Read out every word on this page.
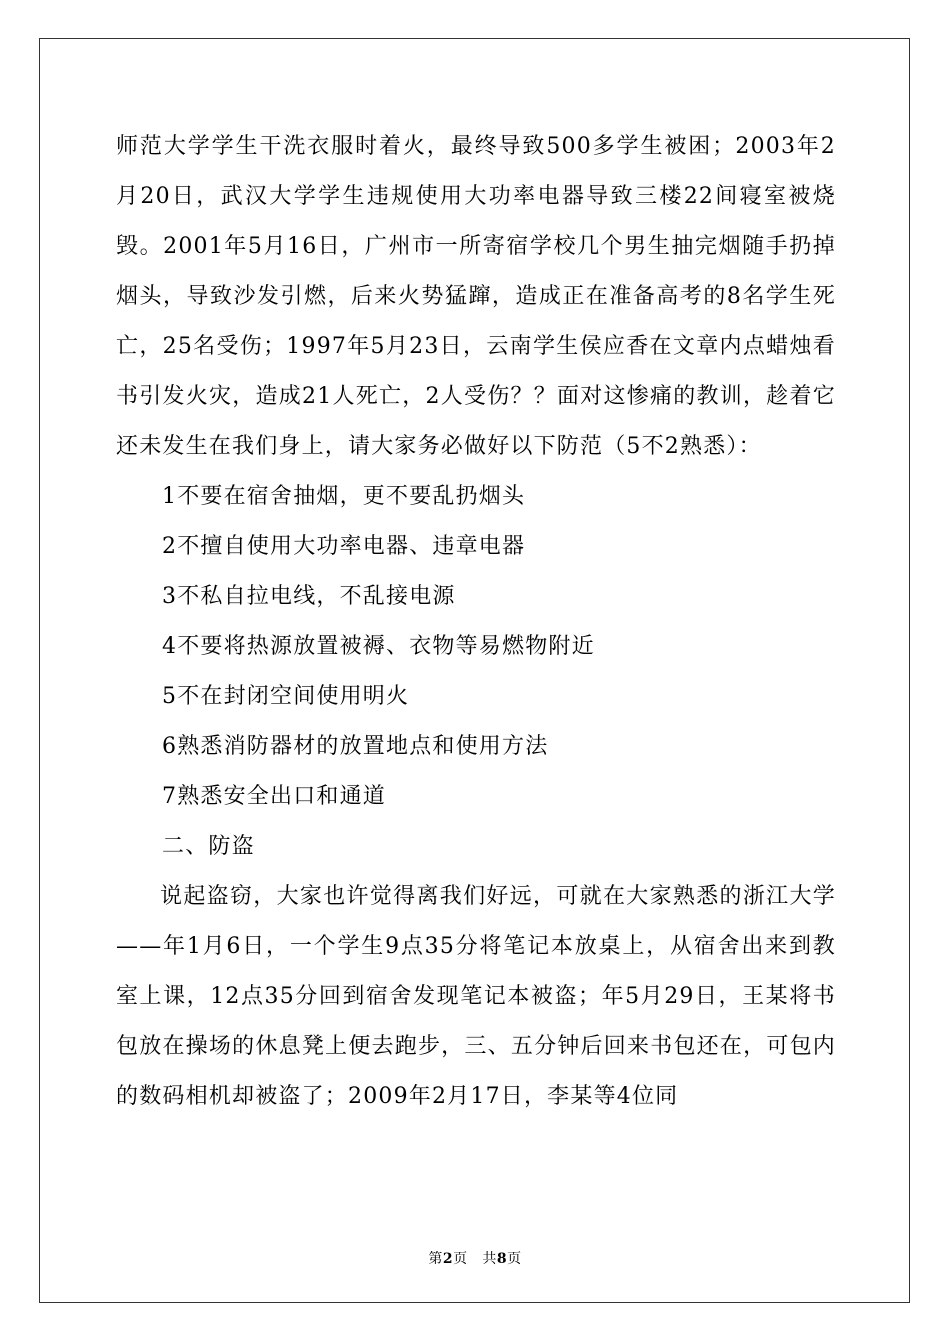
师范大学学生干洗衣服时着火，最终导致500多学生被困；2003年2月20日，武汉大学学生违规使用大功率电器导致三楼22间寝室被烧毁。2001年5月16日，广州市一所寄宿学校几个男生抽完烟随手扔掉烟头，导致沙发引燃，后来火势猛蹿，造成正在准备高考的8名学生死亡，25名受伤；1997年5月23日，云南学生侯应香在文章内点蜡烛看书引发火灾，造成21人死亡，2人受伤？？面对这惨痛的教训，趁着它还未发生在我们身上，请大家务必做好以下防范（5不2熟悉）：

1不要在宿舍抽烟，更不要乱扔烟头

2不擅自使用大功率电器、违章电器

3不私自拉电线，不乱接电源

4不要将热源放置被褥、衣物等易燃物附近

5不在封闭空间使用明火

6熟悉消防器材的放置地点和使用方法

7熟悉安全出口和通道

二、防盗

说起盗窃，大家也许觉得离我们好远，可就在大家熟悉的浙江大学——年1月6日，一个学生9点35分将笔记本放桌上，从宿舍出来到教室上课，12点35分回到宿舍发现笔记本被盗；年5月29日，王某将书包放在操场的休息凳上便去跑步，三、五分钟后回来书包还在，可包内的数码相机却被盗了；2009年2月17日，李某等4位同

第2页 共8页
